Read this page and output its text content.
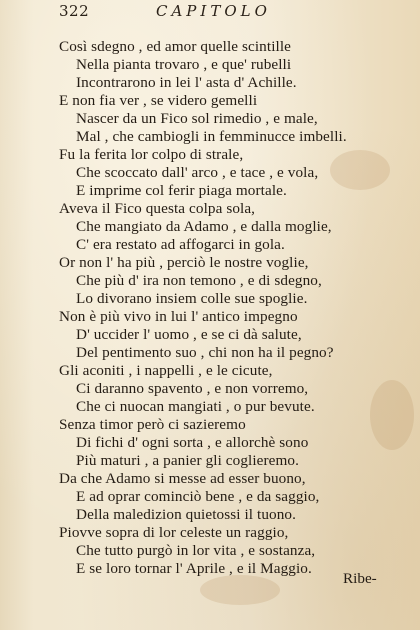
322	CAPITOLO
Così sdegno , ed amor quelle scintille
Nella pianta trovaro , e que' rubelli
Incontrarono in lei l' asta d' Achille.
E non fia ver , se videro gemelli
Nascer da un Fico sol rimedio , e male,
Mal , che cambiogli in femminucce imbelli.
Fu la ferita lor colpo di strale,
Che scoccato dall' arco , e tace , e vola,
E imprime col ferir piaga mortale.
Aveva il Fico questa colpa sola,
Che mangiato da Adamo , e dalla moglie,
C' era restato ad affogarci in gola.
Or non l' ha più , perciò le nostre voglie,
Che più d' ira non temono , e di sdegno,
Lo divorano insiem colle sue spoglie.
Non è più vivo in lui l' antico impegno
D' uccider l' uomo , e se ci dà salute,
Del pentimento suo , chi non ha il pegno?
Gli aconiti , i nappelli , e le cicute,
Ci daranno spavento , e non vorremo,
Che ci nuocan mangiati , o pur bevute.
Senza timor però ci sazieremo
Di fichi d' ogni sorta , e allorchè sono
Più maturi , a panier gli coglieremo.
Da che Adamo si messe ad esser buono,
E ad oprar cominciò bene , e da saggio,
Della maledizion quietossi il tuono.
Piovve sopra di lor celeste un raggio,
Che tutto purgò in lor vita , e sostanza,
E se loro tornar l' Aprile , e il Maggio.
Ribe-
